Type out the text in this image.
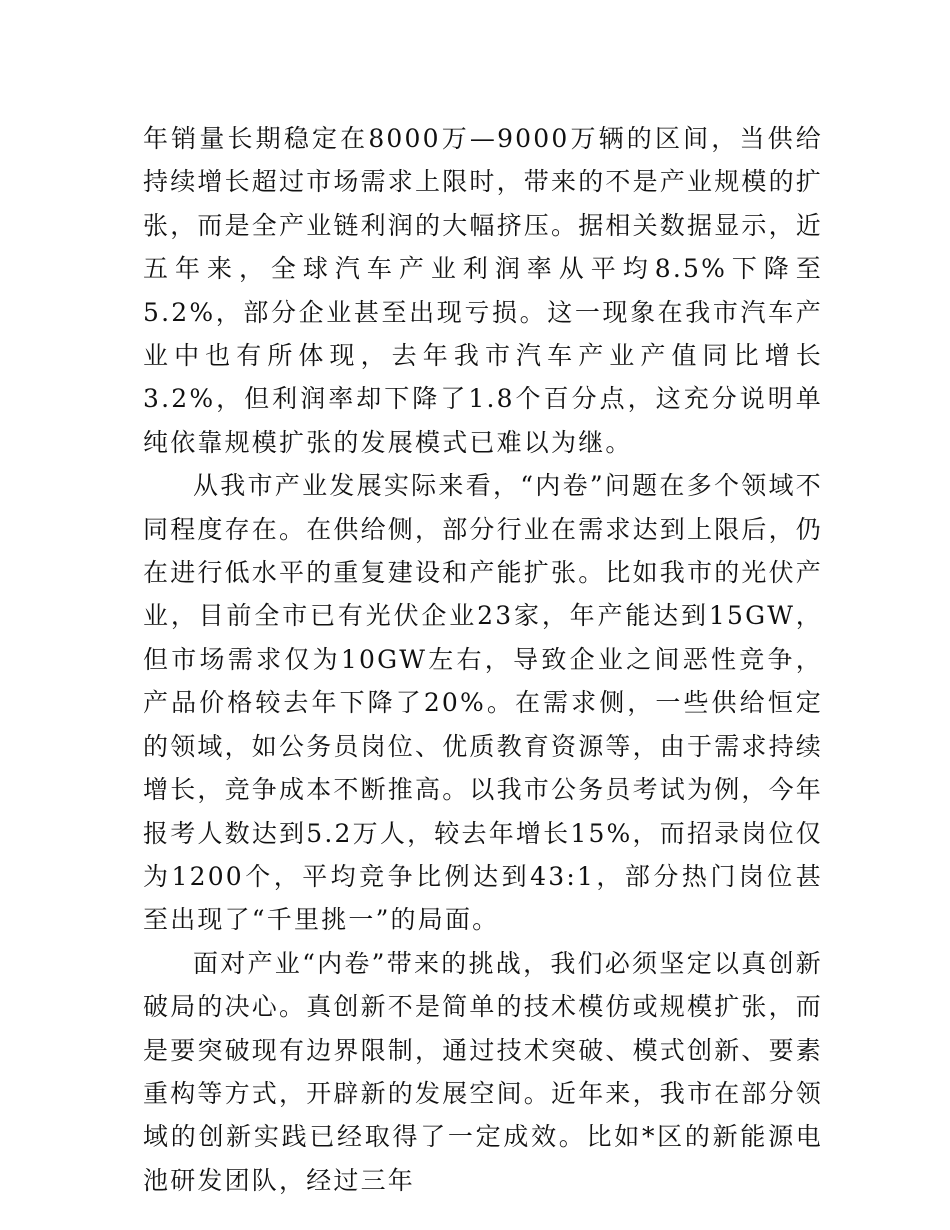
年销量长期稳定在8000万—9000万辆的区间，当供给持续增长超过市场需求上限时，带来的不是产业规模的扩张，而是全产业链利润的大幅挤压。据相关数据显示，近五年来，全球汽车产业利润率从平均8.5%下降至5.2%，部分企业甚至出现亏损。这一现象在我市汽车产业中也有所体现，去年我市汽车产业产值同比增长3.2%，但利润率却下降了1.8个百分点，这充分说明单纯依靠规模扩张的发展模式已难以为继。

从我市产业发展实际来看，“内卷”问题在多个领域不同程度存在。在供给侧，部分行业在需求达到上限后，仍在进行低水平的重复建设和产能扩张。比如我市的光伏产业，目前全市已有光伏企业23家，年产能达到15GW，但市场需求仅为10GW左右，导致企业之间恶性竞争，产品价格较去年下降了20%。在需求侧，一些供给恒定的领域，如公务员岗位、优质教育资源等，由于需求持续增长，竞争成本不断推高。以我市公务员考试为例，今年报考人数达到5.2万人，较去年增长15%，而招录岗位仅为1200个，平均竞争比例达到43:1，部分热门岗位甚至出现了“千里挑一”的局面。

面对产业“内卷”带来的挑战，我们必须坚定以真创新破局的决心。真创新不是简单的技术模仿或规模扩张，而是要突破现有边界限制，通过技术突破、模式创新、要素重构等方式，开辟新的发展空间。近年来，我市在部分领域的创新实践已经取得了一定成效。比如*区的新能源电池研发团队，经过三年
